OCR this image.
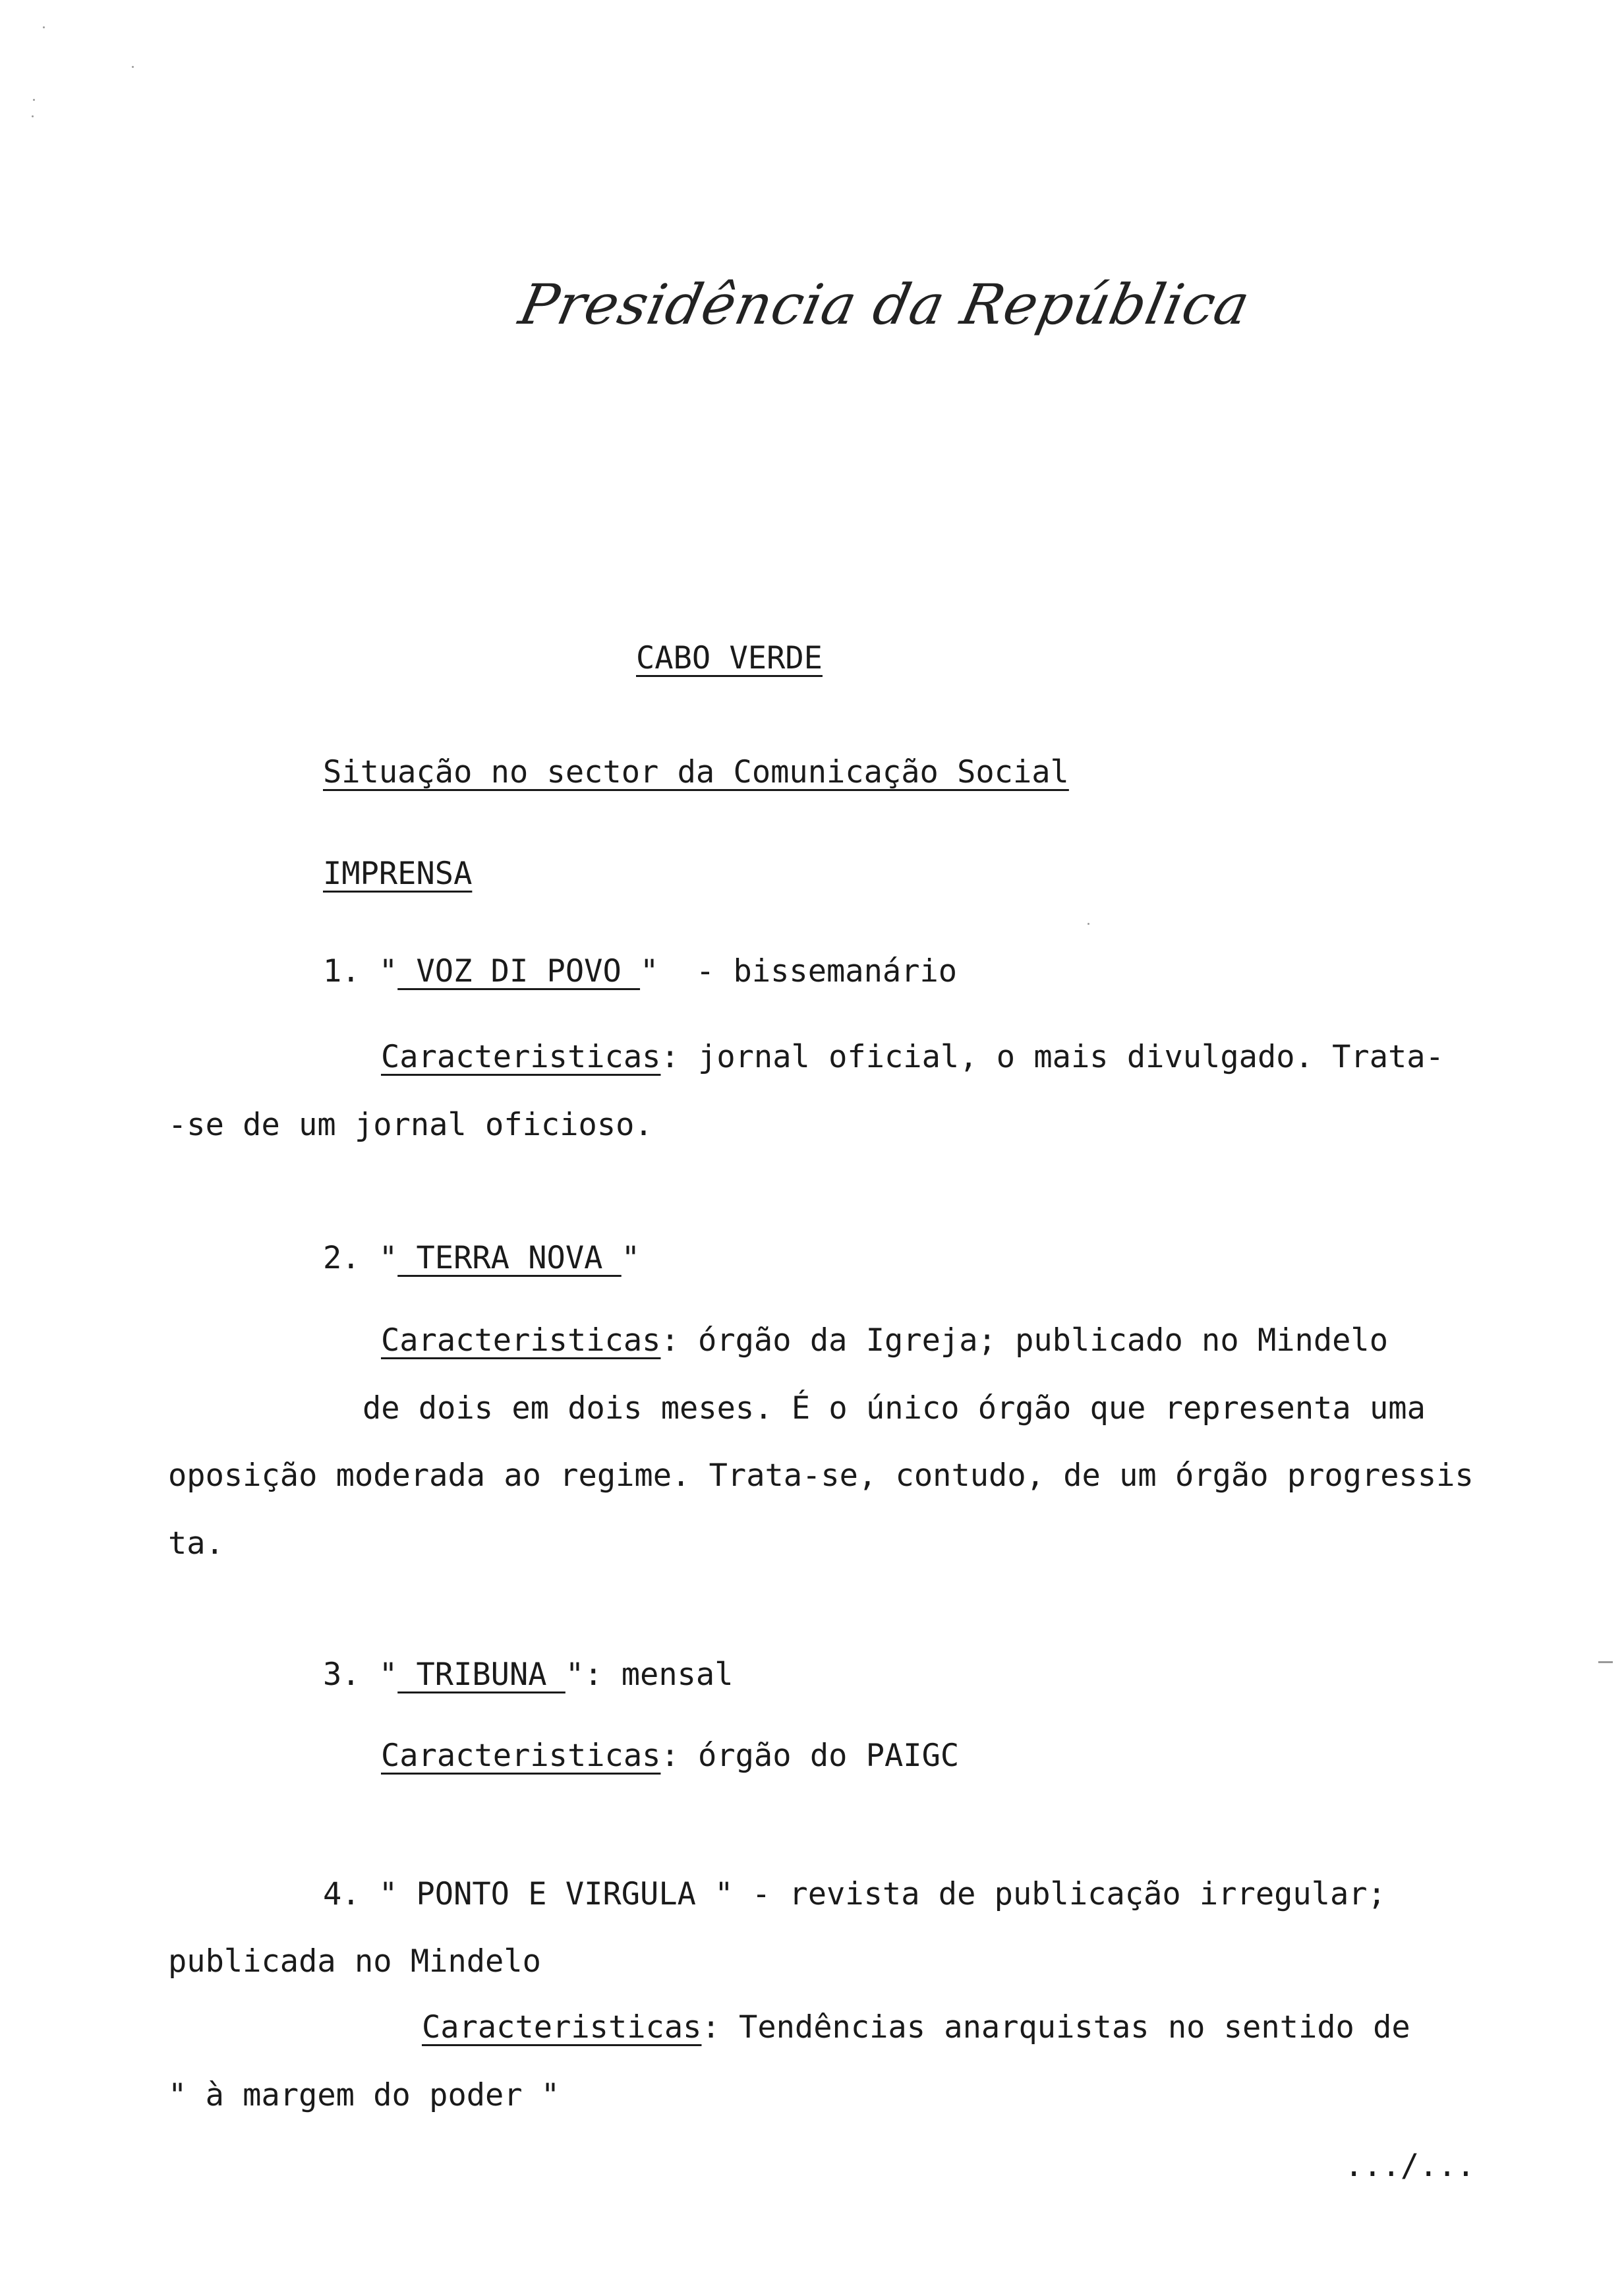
Presidência da República
CABO VERDE
Situação no sector da Comunicação Social
IMPRENSA
1. " VOZ DI POVO "  - bissemanário
Caracteristicas: jornal oficial, o mais divulgado. Trata-
-se de um jornal oficioso.
2. " TERRA NOVA "
Caracteristicas: órgão da Igreja; publicado no Mindelo
de dois em dois meses. É o único órgão que representa uma
oposição moderada ao regime. Trata-se, contudo, de um órgão progressis
ta.
3. " TRIBUNA ": mensal
Caracteristicas: órgão do PAIGC
4. " PONTO E VIRGULA " - revista de publicação irregular;
publicada no Mindelo
Caracteristicas: Tendências anarquistas no sentido de
" à margem do poder "
.../...
